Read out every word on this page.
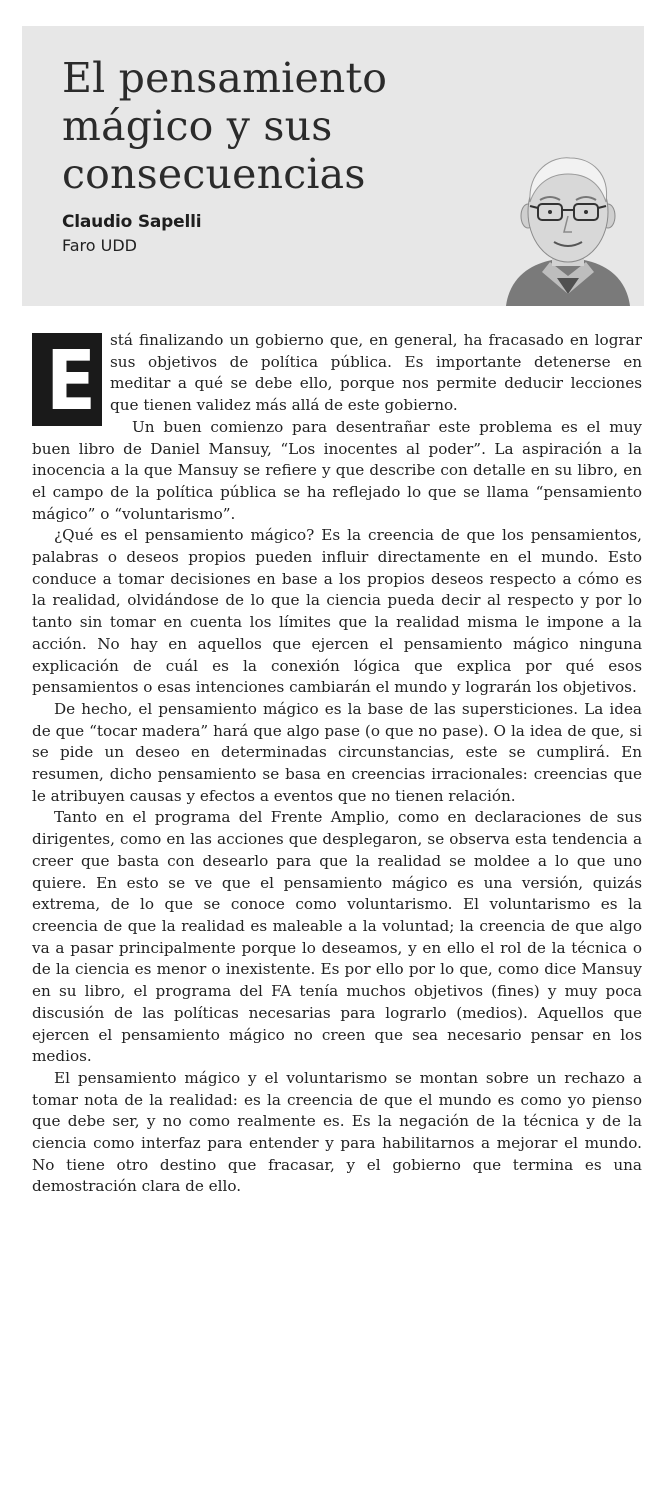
El pensamiento mágico y sus consecuencias
Claudio Sapelli
Faro UDD

E stá finalizando un gobierno que, en general, ha fracasado en lograr sus objetivos de política pública. Es importante detenerse en meditar a qué se debe ello, porque nos permite deducir lecciones que tienen validez más allá de este gobierno.

Un buen comienzo para desentrañar este problema es el muy buen libro de Daniel Mansuy, “Los inocentes al poder”. La aspiración a la inocencia a la que Mansuy se refiere y que describe con detalle en su libro, en el campo de la política pública se ha reflejado lo que se llama “pensamiento mágico” o “voluntarismo”.

¿Qué es el pensamiento mágico? Es la creencia de que los pensamientos, palabras o deseos propios pueden influir directamente en el mundo. Esto conduce a tomar decisiones en base a los propios deseos respecto a cómo es la realidad, olvidándose de lo que la ciencia pueda decir al respecto y por lo tanto sin tomar en cuenta los límites que la realidad misma le impone a la acción. No hay en aquellos que ejercen el pensamiento mágico ninguna explicación de cuál es la conexión lógica que explica por qué esos pensamientos o esas intenciones cambiarán el mundo y lograrán los objetivos.

De hecho, el pensamiento mágico es la base de las supersticiones. La idea de que “tocar madera” hará que algo pase (o que no pase). O la idea de que, si se pide un deseo en determinadas circunstancias, este se cumplirá. En resumen, dicho pensamiento se basa en creencias irracionales: creencias que le atribuyen causas y efectos a eventos que no tienen relación.

Tanto en el programa del Frente Amplio, como en declaraciones de sus dirigentes, como en las acciones que desplegaron, se observa esta tendencia a creer que basta con desearlo para que la realidad se moldee a lo que uno quiere. En esto se ve que el pensamiento mágico es una versión, quizás extrema, de lo que se conoce como voluntarismo. El voluntarismo es la creencia de que la realidad es maleable a la voluntad; la creencia de que algo va a pasar principalmente porque lo deseamos, y en ello el rol de la técnica o de la ciencia es menor o inexistente. Es por ello por lo que, como dice Mansuy en su libro, el programa del FA tenía muchos objetivos (fines) y muy poca discusión de las políticas necesarias para lograrlo (medios). Aquellos que ejercen el pensamiento mágico no creen que sea necesario pensar en los medios.

El pensamiento mágico y el voluntarismo se montan sobre un rechazo a tomar nota de la realidad: es la creencia de que el mundo es como yo pienso que debe ser, y no como realmente es. Es la negación de la técnica y de la ciencia como interfaz para entender y para habilitarnos a mejorar el mundo. No tiene otro destino que fracasar, y el gobierno que termina es una demostración clara de ello.
